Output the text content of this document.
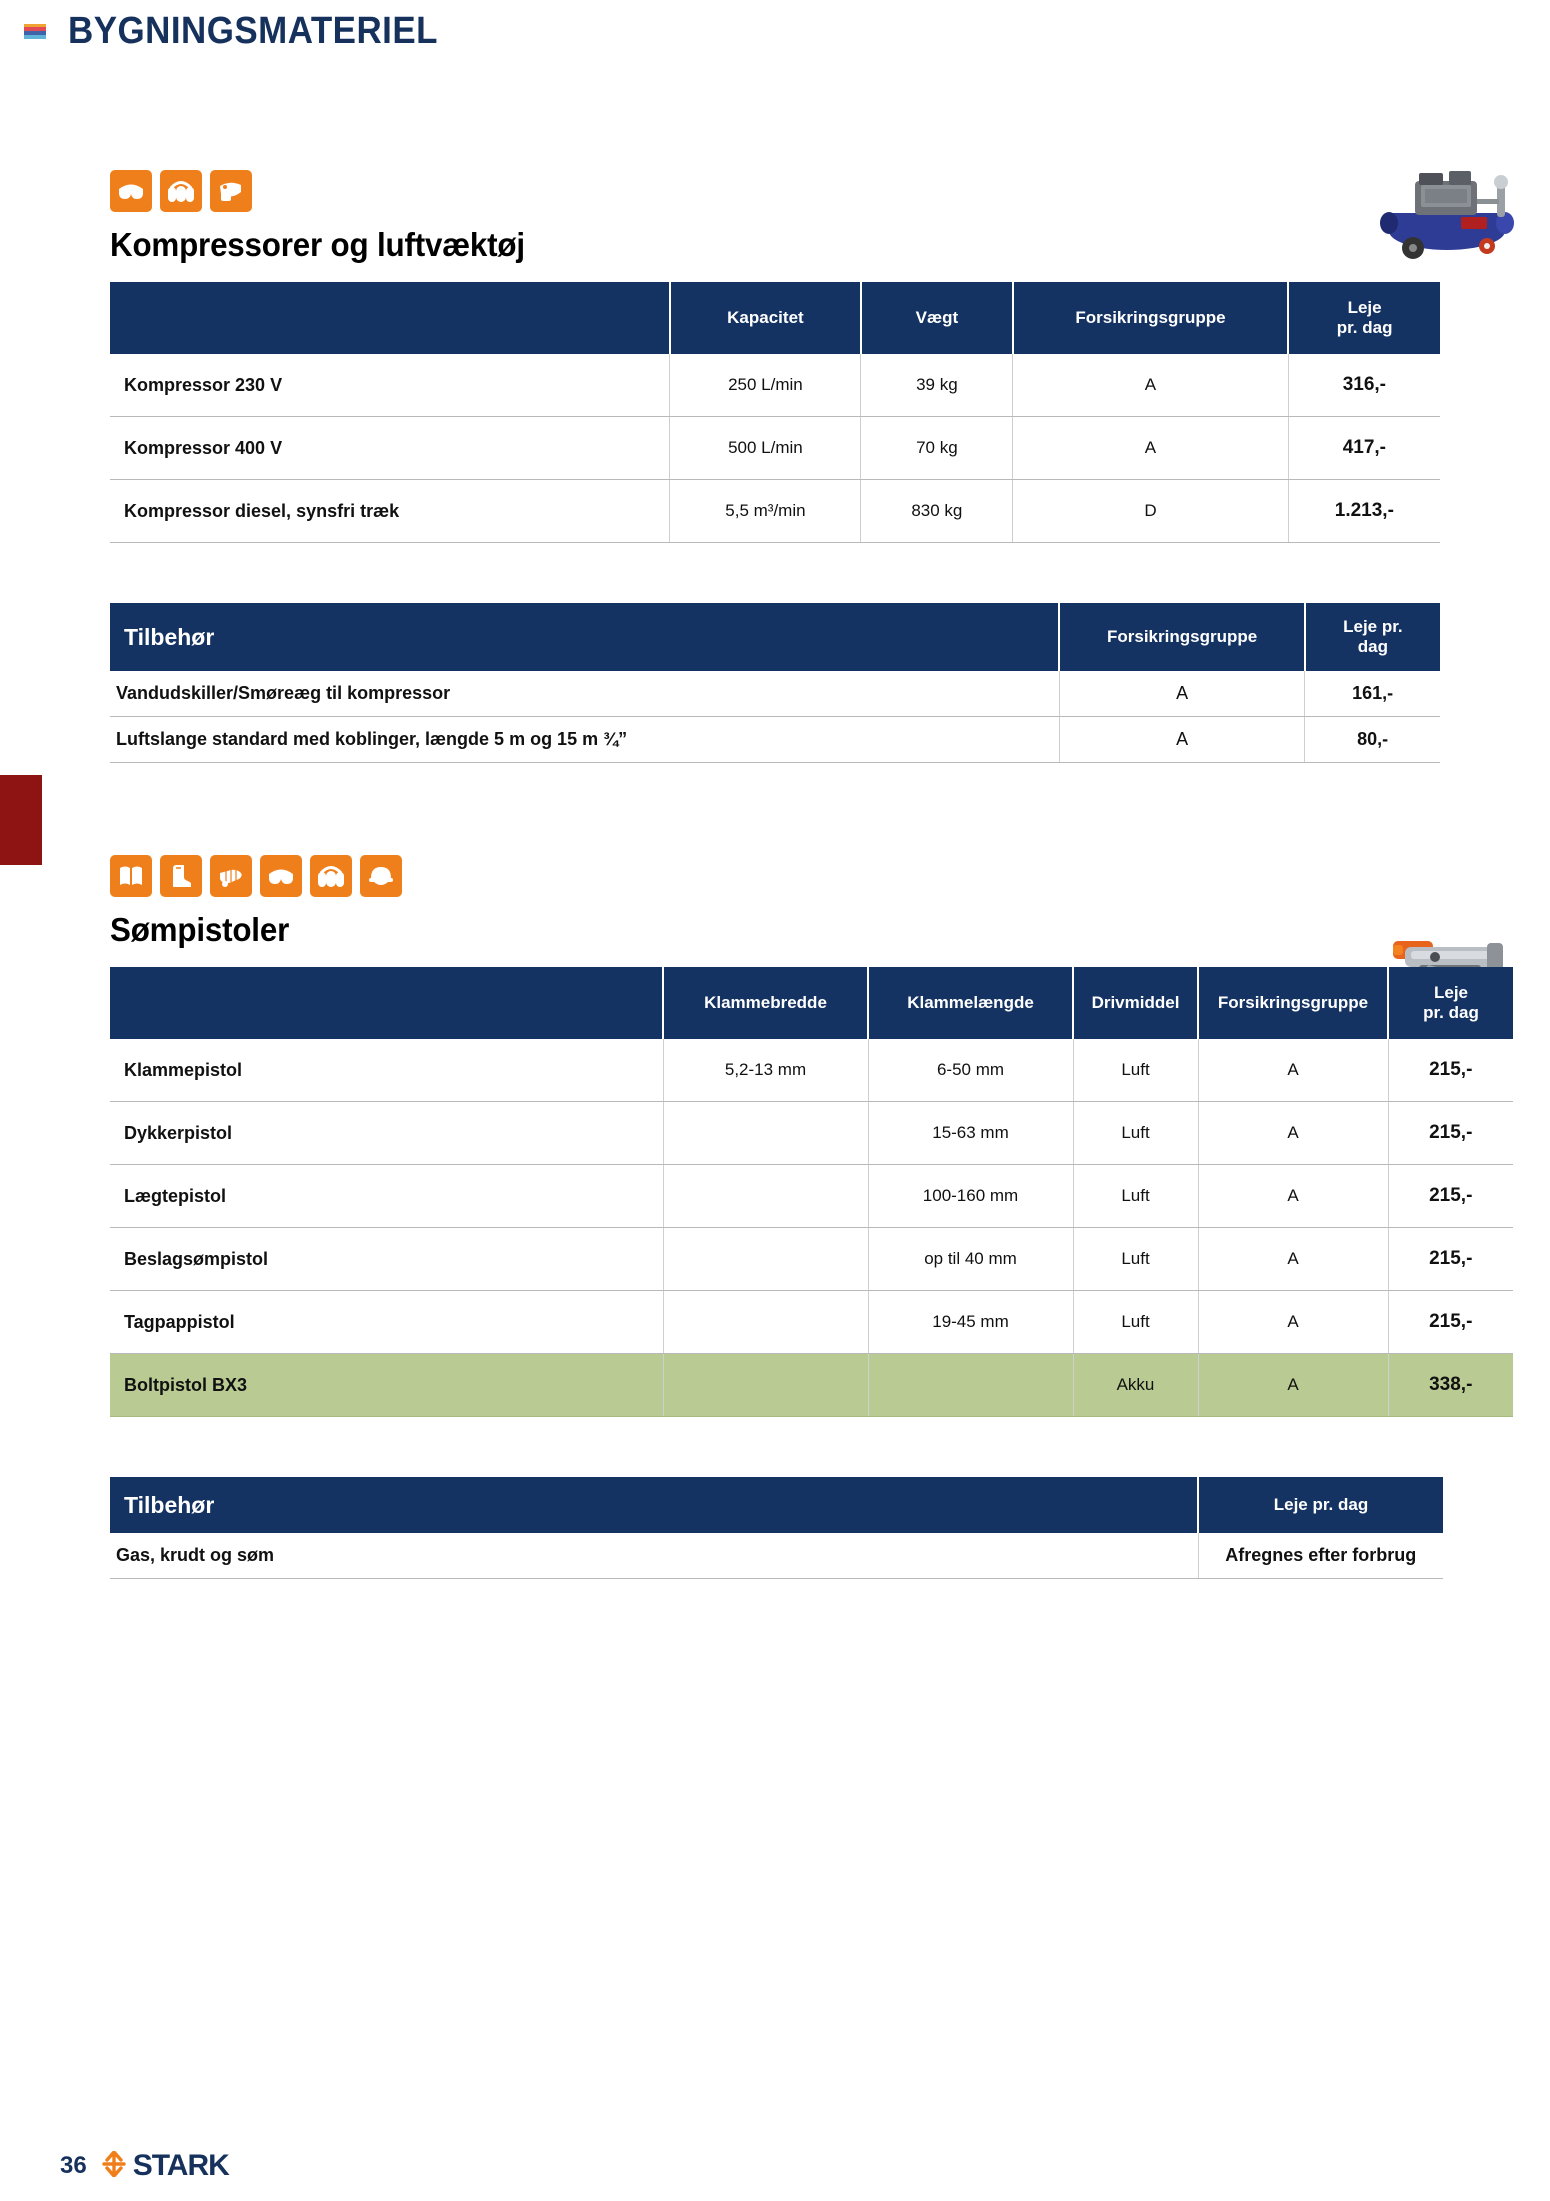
BYGNINGSMATERIEL
Kompressorer og luftvæktøj
	Kapacitet	Vægt	Forsikringsgruppe	Leje
pr. dag
Kompressor 230 V	250 L/min	39 kg	A	316,-
Kompressor 400 V	500 L/min	70 kg	A	417,-
Kompressor diesel, synsfri træk	5,5 m³/min	830 kg	D	1.213,-
Tilbehør	Forsikringsgruppe	Leje pr.
dag
Vandudskiller/Smøreæg til kompressor	A	161,-
Luftslange standard med koblinger, længde 5 m og 15 m ¾”	A	80,-
Sømpistoler
	Klammebredde	Klammelængde	Drivmiddel	Forsikringsgruppe	Leje
pr. dag
Klammepistol	5,2-13 mm	6-50 mm	Luft	A	215,-
Dykkerpistol		15-63 mm	Luft	A	215,-
Lægtepistol		100-160 mm	Luft	A	215,-
Beslagsømpistol		op til 40 mm	Luft	A	215,-
Tagpappistol		19-45 mm	Luft	A	215,-
Boltpistol BX3			Akku	A	338,-
Tilbehør	Leje pr. dag
Gas, krudt og søm	Afregnes efter forbrug
36 STARK
